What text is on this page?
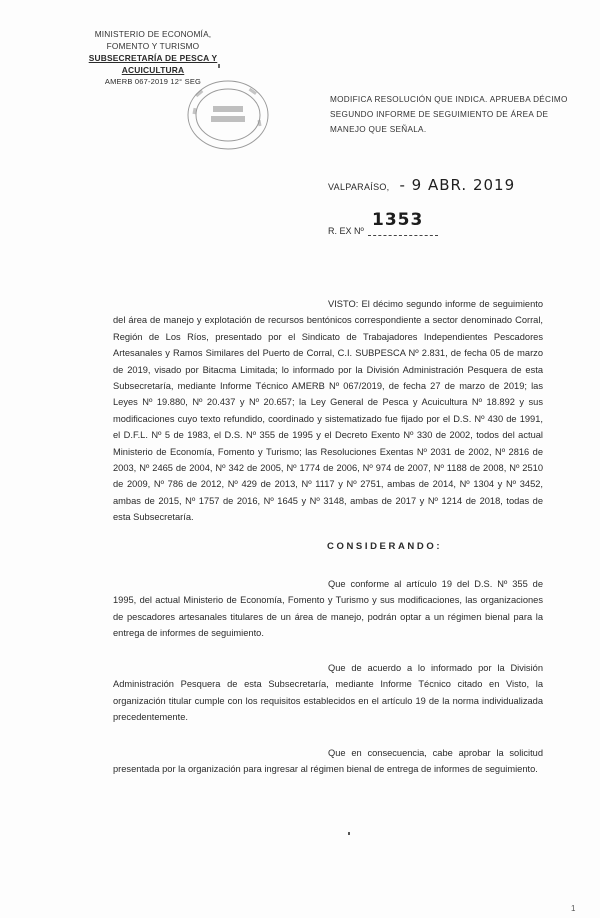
MINISTERIO DE ECONOMÍA,
FOMENTO Y TURISMO
SUBSECRETARÍA DE PESCA Y ACUICULTURA
AMERB 067-2019 12° SEG
MODIFICA RESOLUCIÓN QUE INDICA. APRUEBA DÉCIMO SEGUNDO INFORME DE SEGUIMIENTO DE ÁREA DE MANEJO QUE SEÑALA.
VALPARAÍSO, - 9 ABR. 2019
R. EX Nº
1353

VISTO: El décimo segundo informe de seguimiento del área de manejo y explotación de recursos bentónicos correspondiente a sector denominado Corral, Región de Los Ríos, presentado por el Sindicato de Trabajadores Independientes Pescadores Artesanales y Ramos Similares del Puerto de Corral, C.I. SUBPESCA Nº 2.831, de fecha 05 de marzo de 2019, visado por Bitacma Limitada; lo informado por la División Administración Pesquera de esta Subsecretaría, mediante Informe Técnico AMERB Nº 067/2019, de fecha 27 de marzo de 2019; las Leyes Nº 19.880, Nº 20.437 y Nº 20.657; la Ley General de Pesca y Acuicultura Nº 18.892 y sus modificaciones cuyo texto refundido, coordinado y sistematizado fue fijado por el D.S. Nº 430 de 1991, el D.F.L. Nº 5 de 1983, el D.S. Nº 355 de 1995 y el Decreto Exento Nº 330 de 2002, todos del actual Ministerio de Economía, Fomento y Turismo; las Resoluciones Exentas Nº 2031 de 2002, Nº 2816 de 2003, Nº 2465 de 2004, Nº 342 de 2005, Nº 1774 de 2006, Nº 974 de 2007, Nº 1188 de 2008, Nº 2510 de 2009, Nº 786 de 2012, Nº 429 de 2013, Nº 1117 y Nº 2751, ambas de 2014, Nº 1304 y Nº 3452, ambas de 2015, Nº 1757 de 2016, Nº 1645 y Nº 3148, ambas de 2017 y Nº 1214 de 2018, todas de esta Subsecretaría.

CONSIDERANDO:

Que conforme al artículo 19 del D.S. Nº 355 de 1995, del actual Ministerio de Economía, Fomento y Turismo y sus modificaciones, las organizaciones de pescadores artesanales titulares de un área de manejo, podrán optar a un régimen bienal para la entrega de informes de seguimiento.

Que de acuerdo a lo informado por la División Administración Pesquera de esta Subsecretaría, mediante Informe Técnico citado en Visto, la organización titular cumple con los requisitos establecidos en el artículo 19 de la norma individualizada precedentemente.

Que en consecuencia, cabe aprobar la solicitud presentada por la organización para ingresar al régimen bienal de entrega de informes de seguimiento.

1
